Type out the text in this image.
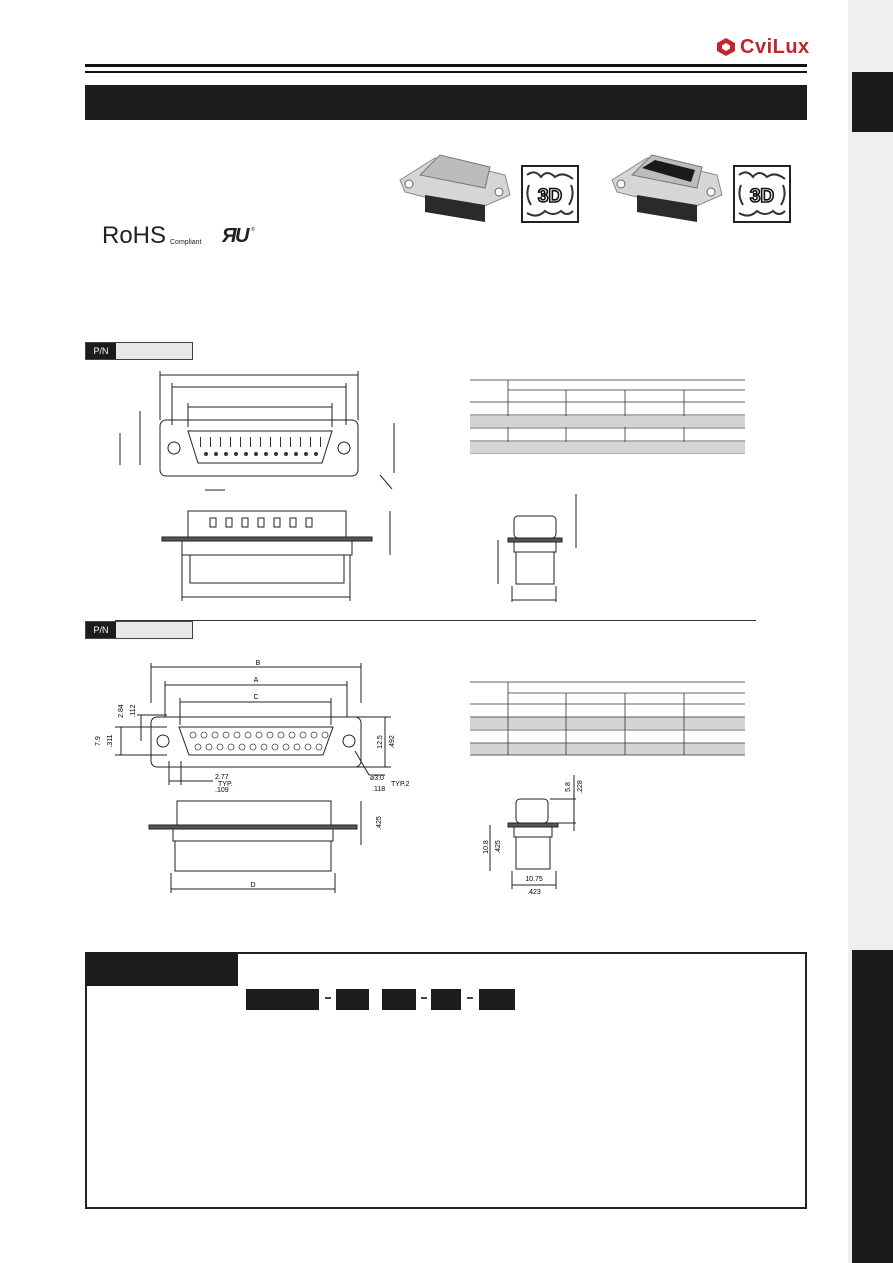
CviLux
RoHS Compliant Я
U ®
3D	3D
P/N
P/N
B
A
C
7.9 .311
2.84 .112
12.5 .492
2.77
TYP.
.109
⌀3.0
TYP.2
.118
D
.425
5.8 .228
10.8 .425
10.75
.423
